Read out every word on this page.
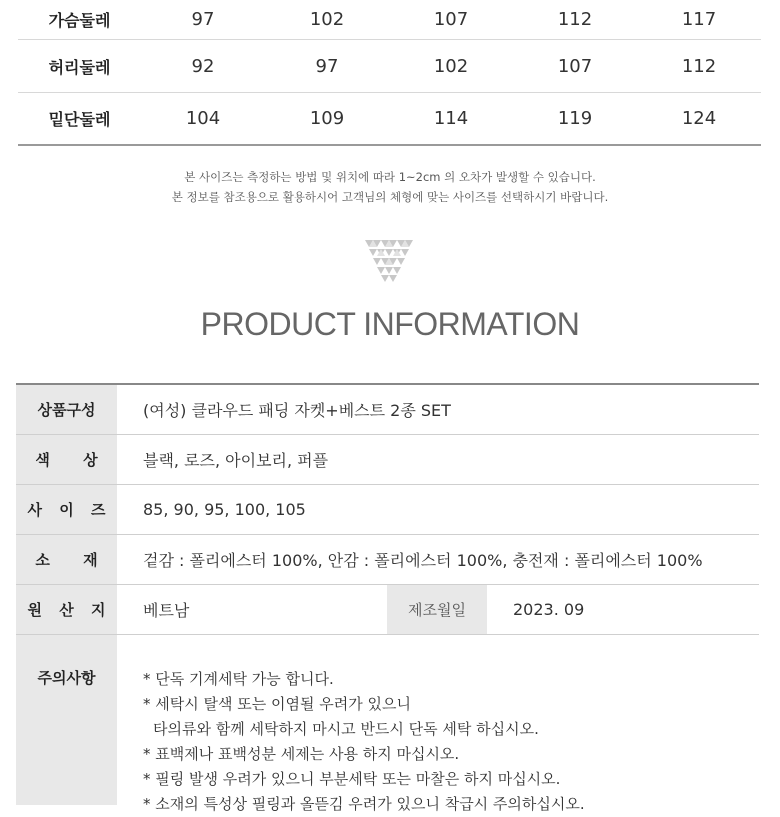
가슴둘레	97	102	107	112	117
허리둘레	92	97	102	107	112
밑단둘레	104	109	114	119	124
본 사이즈는 측정하는 방법 및 위치에 따라 1~2cm 의 오차가 발생할 수 있습니다.
본 정보를 참조용으로 활용하시어 고객님의 체형에 맞는 사이즈를 선택하시기 바랍니다.
PRODUCT INFORMATION
상품구성	(여성) 클라우드 패딩 자켓+베스트 2종 SET
색 상	블랙, 로즈, 아이보리, 퍼플
사 이 즈	85, 90, 95, 100, 105
소 재	겉감 : 폴리에스터 100%, 안감 : 폴리에스터 100%, 충전재 : 폴리에스터 100%
원 산 지	베트남	제조월일	2023. 09
주의사항	* 단독 기계세탁 가능 합니다.
* 세탁시 탈색 또는 이염될 우려가 있으니
타의류와 함께 세탁하지 마시고 반드시 단독 세탁 하십시오.
* 표백제나 표백성분 세제는 사용 하지 마십시오.
* 필링 발생 우려가 있으니 부분세탁 또는 마찰은 하지 마십시오.
* 소재의 특성상 필링과 올뜯김 우려가 있으니 착급시 주의하십시오.
